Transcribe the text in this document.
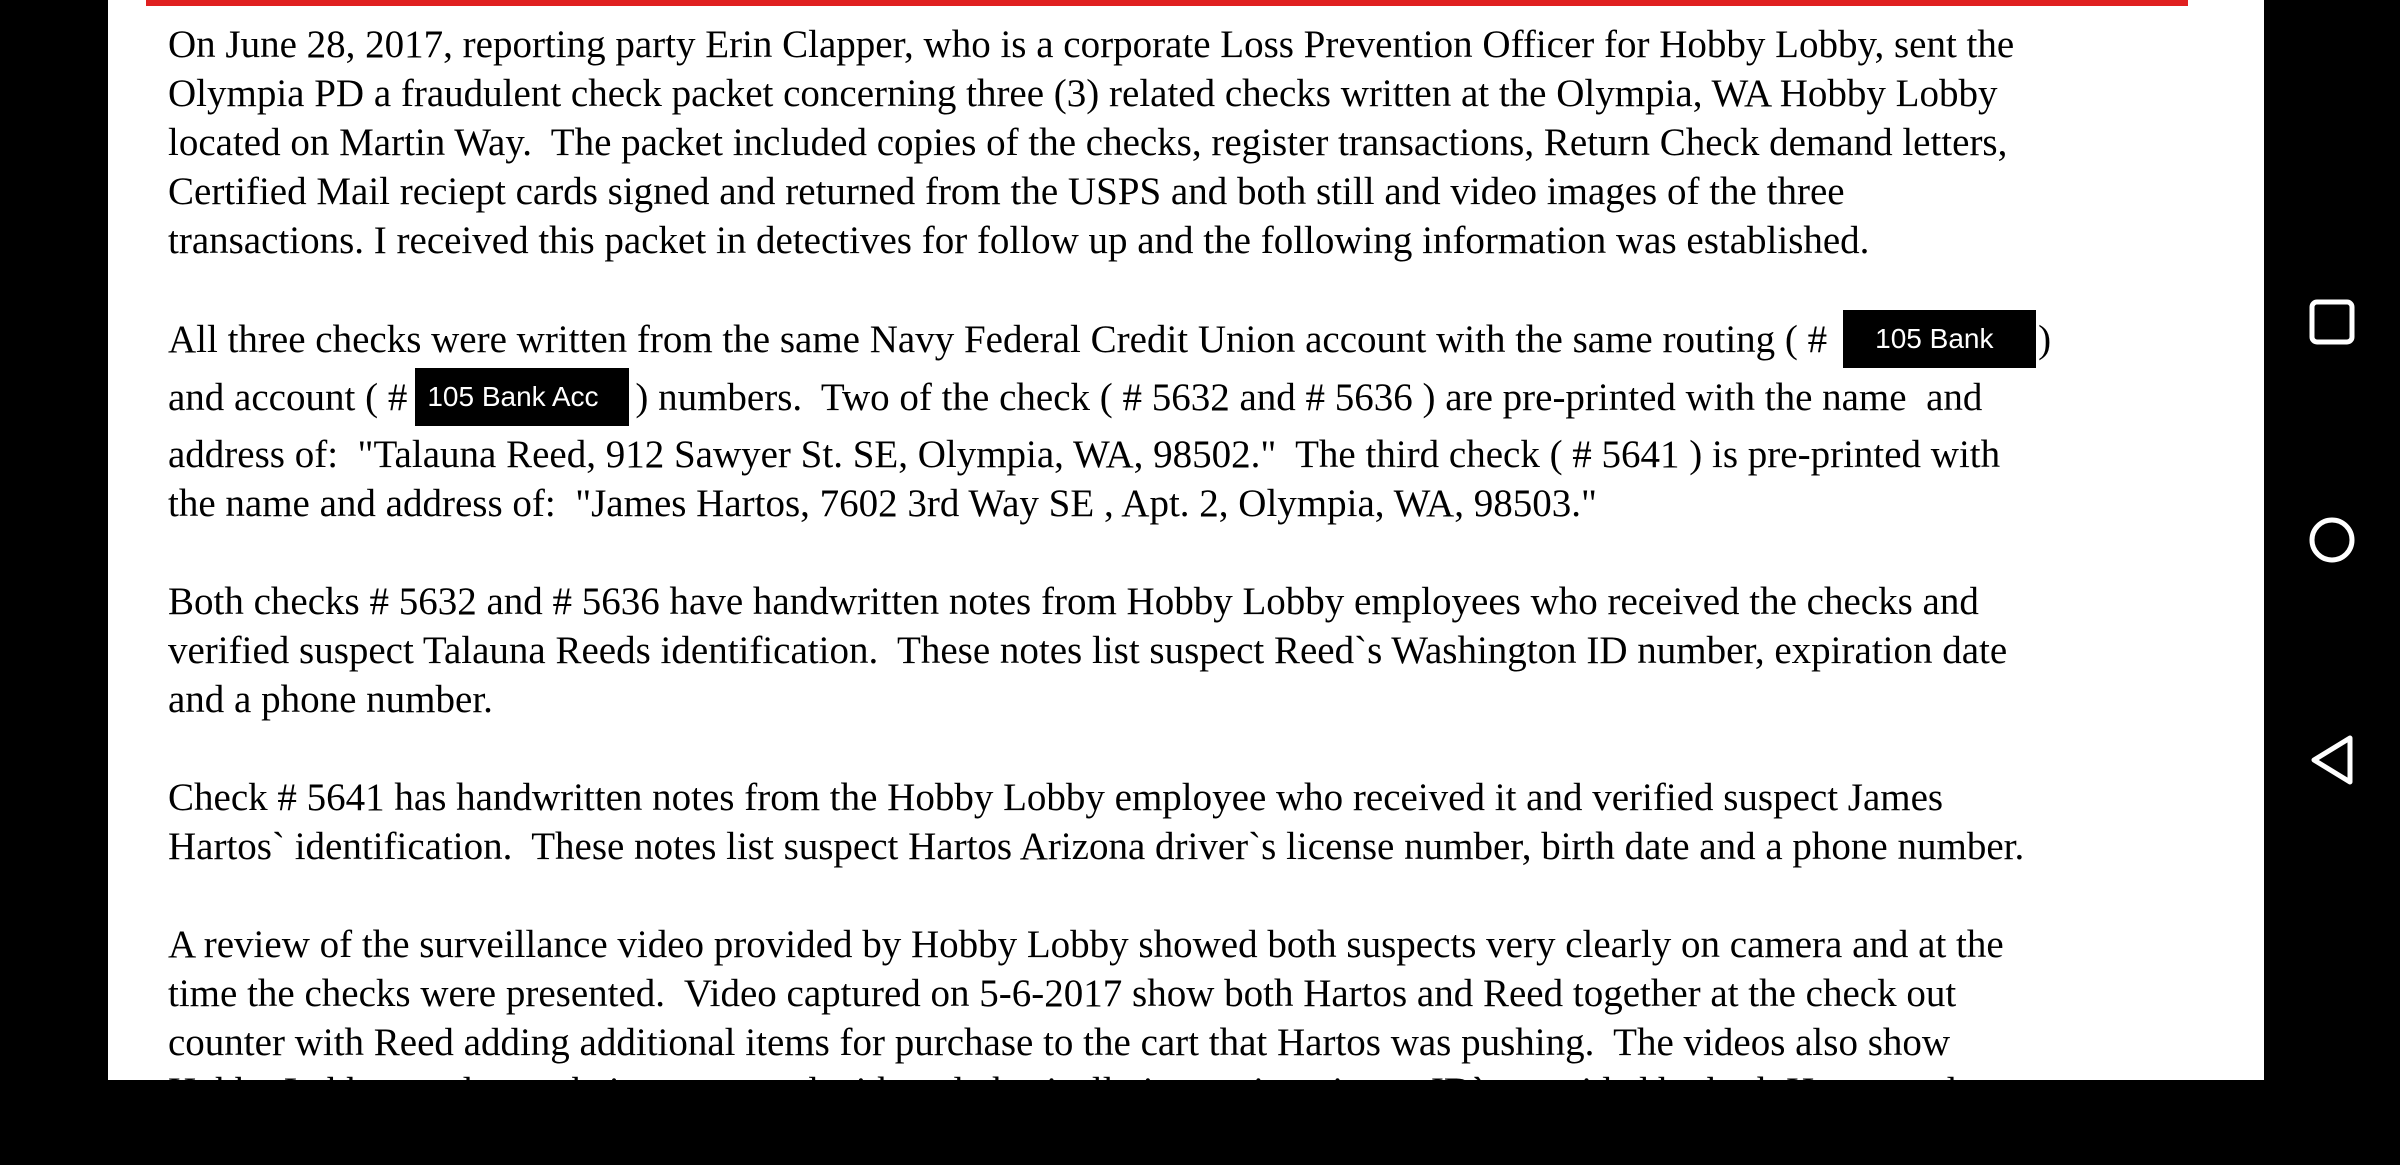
On June 28, 2017, reporting party Erin Clapper, who is a corporate Loss Prevention Officer for Hobby Lobby, sent the
Olympia PD a fraudulent check packet concerning three (3) related checks written at the Olympia, WA Hobby Lobby
located on Martin Way.  The packet included copies of the checks, register transactions, Return Check demand letters,
Certified Mail reciept cards signed and returned from the USPS and both still and video images of the three
transactions. I received this packet in detectives for follow up and the following information was established.
All three checks were written from the same Navy Federal Credit Union account with the same routing ( # 105 Bank )
and account ( # 105 Bank Acc ) numbers.  Two of the check ( # 5632 and # 5636 ) are pre-printed with the name  and
address of:  "Talauna Reed, 912 Sawyer St. SE, Olympia, WA, 98502."  The third check ( # 5641 ) is pre-printed with
the name and address of:  "James Hartos, 7602 3rd Way SE , Apt. 2, Olympia, WA, 98503."
Both checks # 5632 and # 5636 have handwritten notes from Hobby Lobby employees who received the checks and
verified suspect Talauna Reeds identification.  These notes list suspect Reed`s Washington ID number, expiration date
and a phone number.
Check # 5641 has handwritten notes from the Hobby Lobby employee who received it and verified suspect James
Hartos` identification.  These notes list suspect Hartos Arizona driver`s license number, birth date and a phone number.
A review of the surveillance video provided by Hobby Lobby showed both suspects very clearly on camera and at the
time the checks were presented.  Video captured on 5-6-2017 show both Hartos and Reed together at the check out
counter with Reed adding additional items for purchase to the cart that Hartos was pushing.  The videos also show
Hobby Lobby employees being presented with and physically inspecting picture ID`s provided by both Hartos and
